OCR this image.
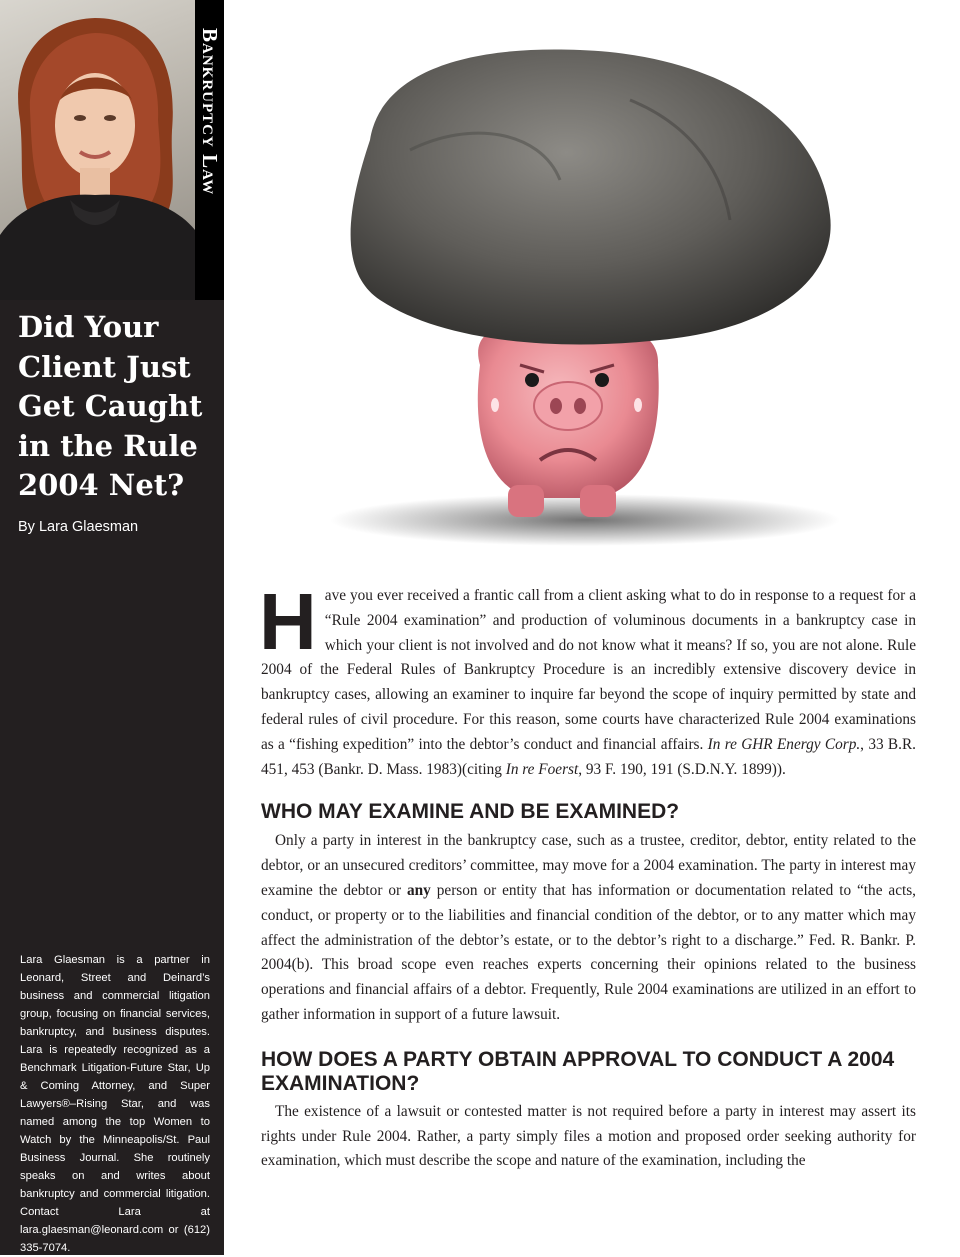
Bankruptcy Law
Did Your Client Just Get Caught in the Rule 2004 Net?
By Lara Glaesman

Lara Glaesman is a partner in Leonard, Street and Deinard’s business and commercial litigation group, focusing on financial services, bankruptcy, and business disputes. Lara is repeatedly recognized as a Benchmark Litigation-Future Star, Up & Coming Attorney, and Super Lawyers®–Rising Star, and was named among the top Women to Watch by the Minneapolis/St. Paul Business Journal. She routinely speaks on and writes about bankruptcy and commercial litigation. Contact Lara at lara.glaesman@leonard.com or (612) 335-7074.

H ave you ever received a frantic call from a client asking what to do in response to a request for a “Rule 2004 examination” and production of voluminous documents in a bankruptcy case in which your client is not involved and do not know what it means? If so, you are not alone. Rule 2004 of the Federal Rules of Bankruptcy Procedure is an incredibly extensive discovery device in bankruptcy cases, allowing an examiner to inquire far beyond the scope of inquiry permitted by state and federal rules of civil procedure. For this reason, some courts have characterized Rule 2004 examinations as a “fishing expedition” into the debtor’s conduct and financial affairs. In re GHR Energy Corp., 33 B.R. 451, 453 (Bankr. D. Mass. 1983)(citing In re Foerst, 93 F. 190, 191 (S.D.N.Y. 1899)).

WHO MAY EXAMINE AND BE EXAMINED?

Only a party in interest in the bankruptcy case, such as a trustee, creditor, debtor, entity related to the debtor, or an unsecured creditors’ committee, may move for a 2004 examination. The party in interest may examine the debtor or any person or entity that has information or documentation related to “the acts, conduct, or property or to the liabilities and financial condition of the debtor, or to any matter which may affect the administration of the debtor’s estate, or to the debtor’s right to a discharge.” Fed. R. Bankr. P. 2004(b). This broad scope even reaches experts concerning their opinions related to the business operations and financial affairs of a debtor. Frequently, Rule 2004 examinations are utilized in an effort to gather information in support of a future lawsuit.

HOW DOES A PARTY OBTAIN APPROVAL TO CONDUCT A 2004 EXAMINATION?

The existence of a lawsuit or contested matter is not required before a party in interest may assert its rights under Rule 2004. Rather, a party simply files a motion and proposed order seeking authority for examination, which must describe the scope and nature of the examination, including the
